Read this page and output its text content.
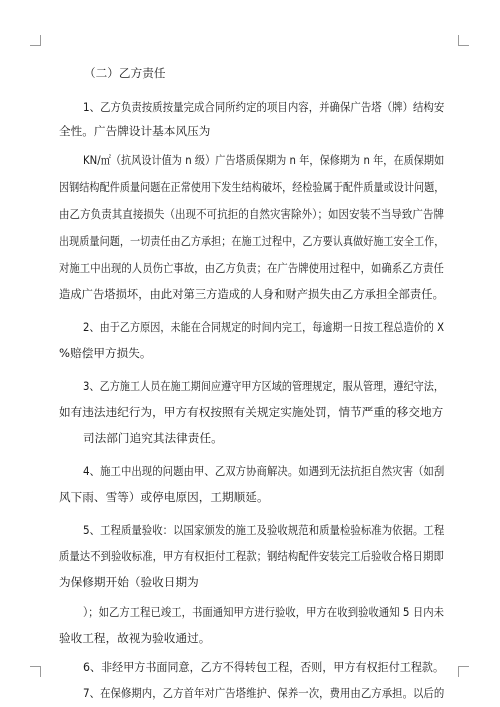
（二）乙方责任
1、乙方负责按质按量完成合同所约定的项目内容，并确保广告塔（牌）结构安
全性。广告牌设计基本风压为
KN/㎡（抗风设计值为 n 级）广告塔质保期为 n 年，保修期为 n 年，在质保期如
因钢结构配件质量问题在正常使用下发生结构破坏，经检验属于配件质量或设计问题，
由乙方负责其直接损失（出现不可抗拒的自然灾害除外）；如因安装不当导致广告牌
出现质量问题，一切责任由乙方承担；在施工过程中，乙方要认真做好施工安全工作，
对施工中出现的人员伤亡事故，由乙方负责；在广告牌使用过程中，如确系乙方责任
造成广告塔损坏，由此对第三方造成的人身和财产损失由乙方承担全部责任。
2、由于乙方原因，未能在合同规定的时间内完工，每逾期一日按工程总造价的 X
%赔偿甲方损失。
3、乙方施工人员在施工期间应遵守甲方区域的管理规定，服从管理，遵纪守法，
如有违法违纪行为，甲方有权按照有关规定实施处罚，情节严重的移交地方
司法部门追究其法律责任。
4、施工中出现的问题由甲、乙双方协商解决。如遇到无法抗拒自然灾害（如刮
风下雨、雪等）或停电原因，工期顺延。
5、工程质量验收：以国家颁发的施工及验收规范和质量检验标准为依据。工程
质量达不到验收标准，甲方有权拒付工程款；钢结构配件安装完工后验收合格日期即
为保修期开始（验收日期为
）；如乙方工程已竣工，书面通知甲方进行验收，甲方在收到验收通知 5 日内未
验收工程，故视为验收通过。
6、非经甲方书面同意，乙方不得转包工程，否则，甲方有权拒付工程款。
7、在保修期内，乙方首年对广告塔维护、保养一次，费用由乙方承担。以后的
